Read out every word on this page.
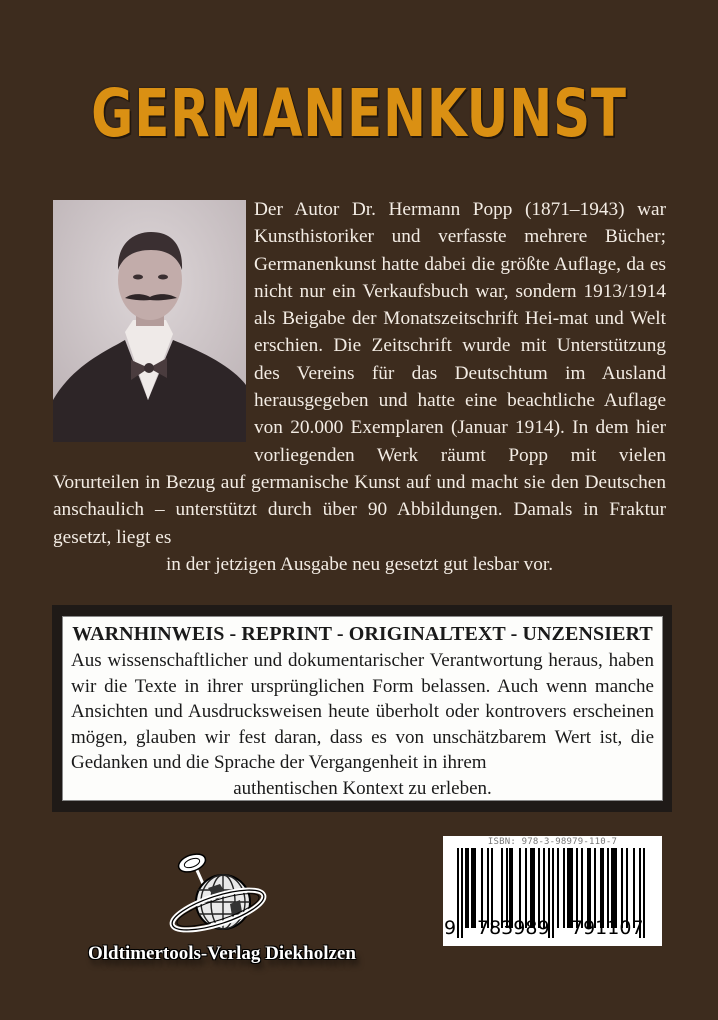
GERMANENKUNST
Der Autor Dr. Hermann Popp (1871–1943) war Kunsthistoriker und verfasste mehrere Bücher; Germanenkunst hatte dabei die größte Auflage, da es nicht nur ein Verkaufsbuch war, sondern 1913/1914 als Beigabe der Monatszeitschrift Hei-mat und Welt erschien. Die Zeitschrift wurde mit Unterstützung des Vereins für das Deutschtum im Ausland herausgegeben und hatte eine beachtliche Auflage von 20.000 Exemplaren (Januar 1914). In dem hier vorliegenden Werk räumt Popp mit vielen Vorurteilen in Bezug auf germanische Kunst auf und macht sie den Deutschen anschaulich – unterstützt durch über 90 Abbildungen. Damals in Fraktur gesetzt, liegt es
in der jetzigen Ausgabe neu gesetzt gut lesbar vor.
WARNHINWEIS - REPRINT - ORIGINALTEXT - UNZENSIERT
Aus wissenschaftlicher und dokumentarischer Verantwortung heraus, haben wir die Texte in ihrer ursprünglichen Form belassen. Auch wenn manche Ansichten und Ausdrucksweisen heute überholt oder kontrovers erscheinen mögen, glauben wir fest daran, dass es von unschätzbarem Wert ist, die Gedanken und die Sprache der Vergangenheit in ihrem
authentischen Kontext zu erleben.
Oldtimertools-Verlag Diekholzen
ISBN: 978-3-98979-110-7
9 783989 791107
